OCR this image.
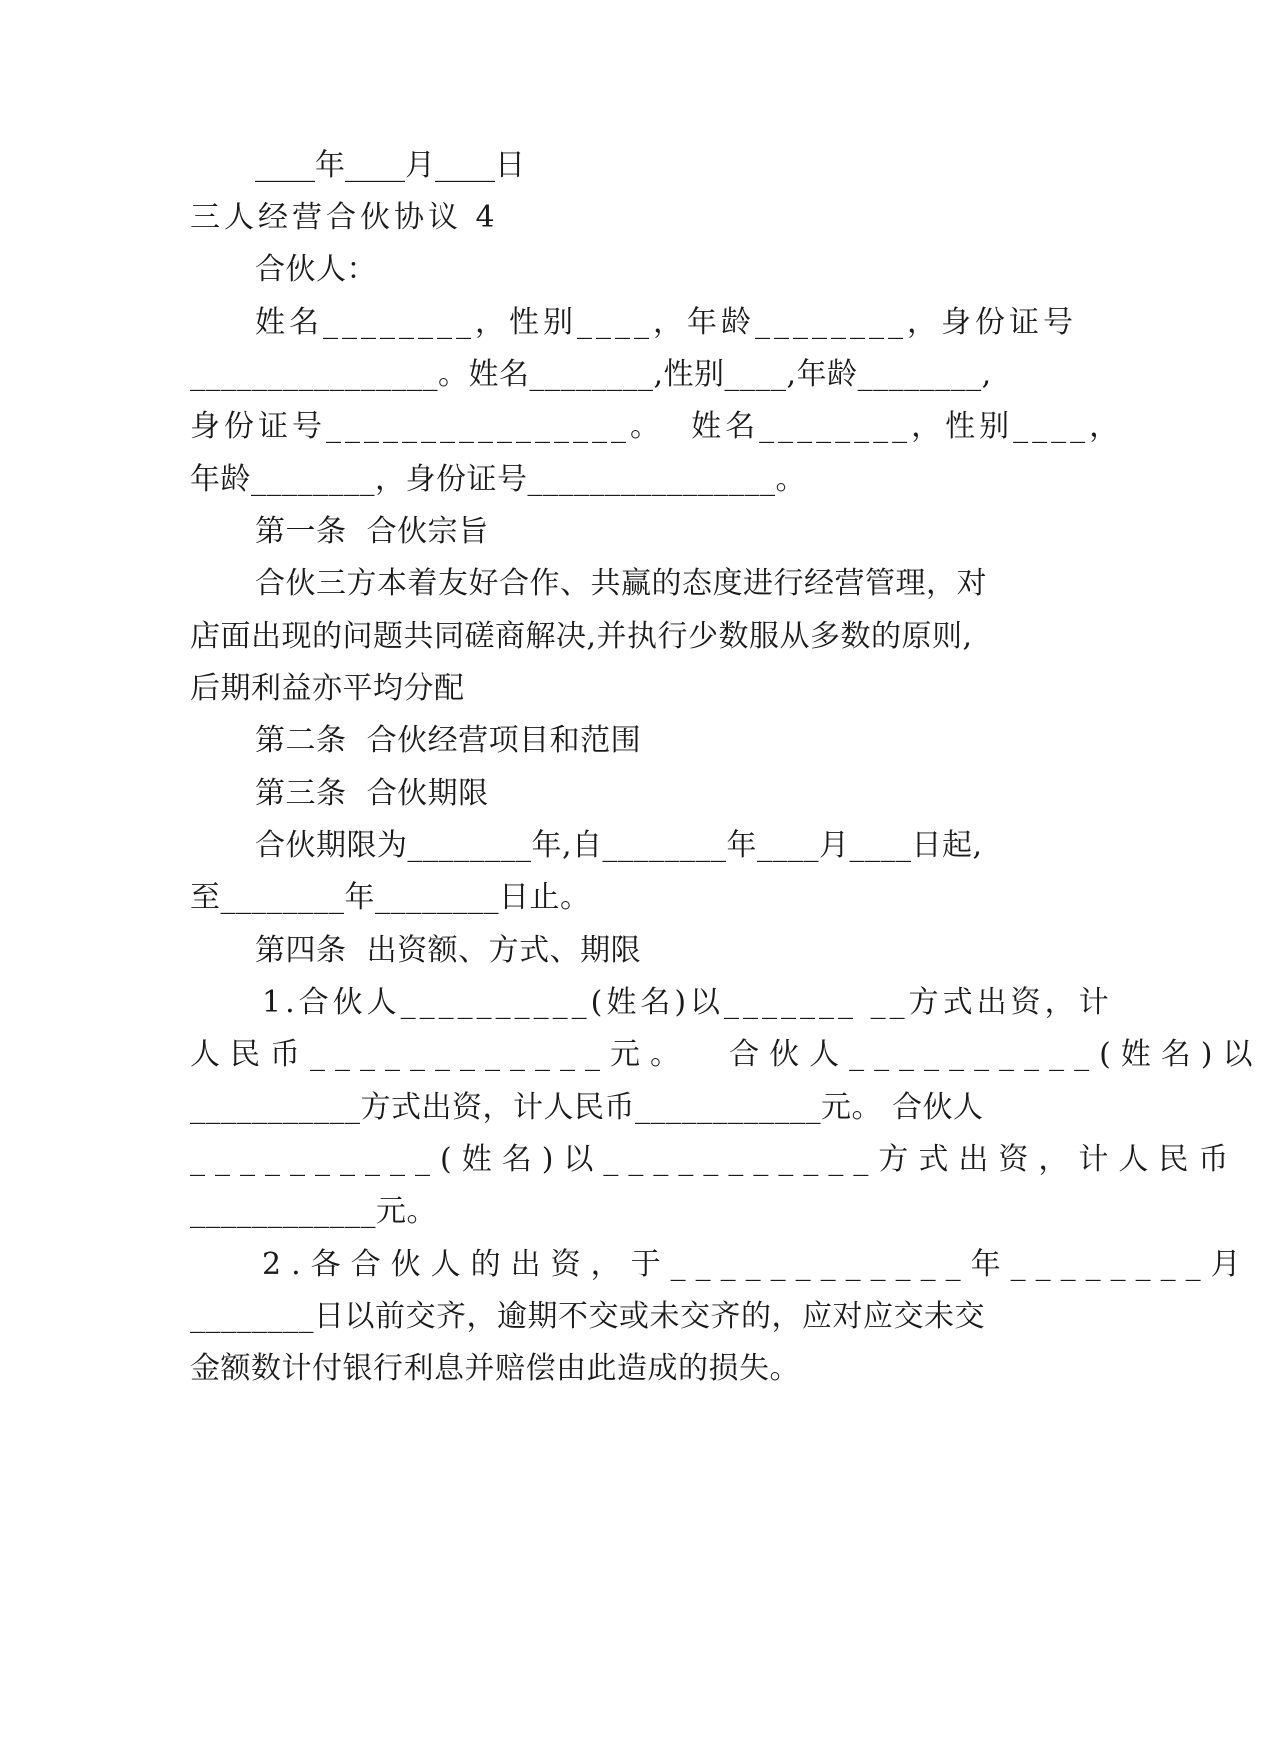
____年____月____日
三人经营合伙协议 4
合伙人：
姓名________，性别____，年龄________，身份证号
________________。姓名________,性别____,年龄________,
身份证号________________。  姓名________，性别____，
年龄________，身份证号________________。
第一条  合伙宗旨
合伙三方本着友好合作、共赢的态度进行经营管理，对
店面出现的问题共同磋商解决,并执行少数服从多数的原则,
后期利益亦平均分配
第二条  合伙经营项目和范围
第三条  合伙期限
合伙期限为________年,自________年____月____日起,
至________年________日止。
第四条  出资额、方式、期限
1.合伙人__________(姓名)以_______ __方式出资，计
人民币____________元。  合伙人__________(姓名)以
___________方式出资，计人民币____________元。 合伙人
__________(姓名)以___________方式出资，计人民币
____________元。
2.各合伙人的出资，于____________年________月
________日以前交齐，逾期不交或未交齐的，应对应交未交
金额数计付银行利息并赔偿由此造成的损失。
